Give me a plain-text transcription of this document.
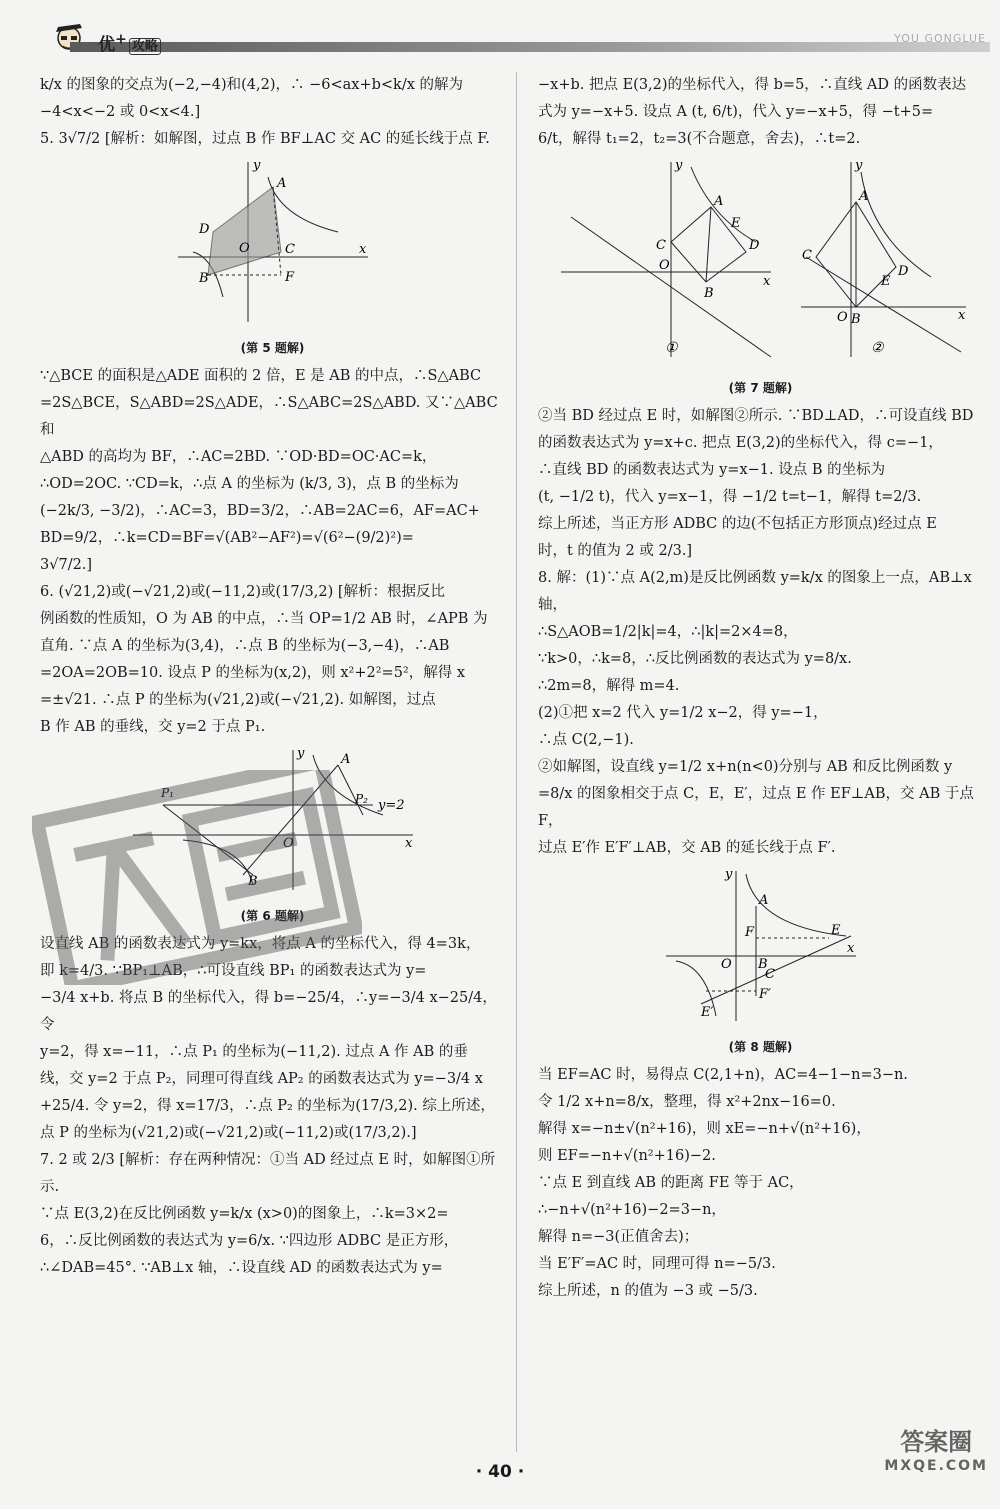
优+ 攻略
YOU GONGLUE

k/x 的图象的交点为(−2,−4)和(4,2)，∴ −6<ax+b<k/x 的解为

−4<x<−2 或 0<x<4.]

5. 3√7/2 [解析：如解图，过点 B 作 BF⊥AC 交 AC 的延长线于点 F.

A
B
C
D
F
O	x
y
(第 5 题解)

∵△BCE 的面积是△ADE 面积的 2 倍，E 是 AB 的中点，∴S△ABC

=2S△BCE，S△ABD=2S△ADE，∴S△ABC=2S△ABD. 又∵△ABC 和

△ABD 的高均为 BF，∴AC=2BD. ∵OD·BD=OC·AC=k，

∴OD=2OC. ∵CD=k，∴点 A 的坐标为 (k/3, 3)，点 B 的坐标为

(−2k/3, −3/2)，∴AC=3，BD=3/2，∴AB=2AC=6，AF=AC+

BD=9/2，∴k=CD=BF=√(AB²−AF²)=√(6²−(9/2)²)=

3√7/2.]

6. (√21,2)或(−√21,2)或(−11,2)或(17/3,2) [解析：根据反比

例函数的性质知，O 为 AB 的中点，∴当 OP=1/2 AB 时，∠APB 为

直角. ∵点 A 的坐标为(3,4)，∴点 B 的坐标为(−3,−4)，∴AB

=2OA=2OB=10. 设点 P 的坐标为(x,2)，则 x²+2²=5²，解得 x

=±√21. ∴点 P 的坐标为(√21,2)或(−√21,2). 如解图，过点

B 作 AB 的垂线，交 y=2 于点 P₁.

y=2
A
B
O
P₁	P₂
x
y
(第 6 题解)

设直线 AB 的函数表达式为 y=kx，将点 A 的坐标代入，得 4=3k，

即 k=4/3. ∵BP₁⊥AB，∴可设直线 BP₁ 的函数表达式为 y=

−3/4 x+b. 将点 B 的坐标代入，得 b=−25/4，∴y=−3/4 x−25/4，令

y=2，得 x=−11，∴点 P₁ 的坐标为(−11,2). 过点 A 作 AB 的垂

线，交 y=2 于点 P₂，同理可得直线 AP₂ 的函数表达式为 y=−3/4 x

+25/4. 令 y=2，得 x=17/3，∴点 P₂ 的坐标为(17/3,2). 综上所述，

点 P 的坐标为(√21,2)或(−√21,2)或(−11,2)或(17/3,2).]

7. 2 或 2/3 [解析：存在两种情况：①当 AD 经过点 E 时，如解图①所示.

∵点 E(3,2)在反比例函数 y=k/x (x>0)的图象上，∴k=3×2=

6，∴反比例函数的表达式为 y=6/x. ∵四边形 ADBC 是正方形，

∴∠DAB=45°. ∵AB⊥x 轴，∴设直线 AD 的函数表达式为 y=

−x+b. 把点 E(3,2)的坐标代入，得 b=5，∴直线 AD 的函数表达

式为 y=−x+5. 设点 A (t, 6/t)，代入 y=−x+5，得 −t+5=

6/t，解得 t₁=2，t₂=3(不合题意，舍去)，∴t=2.

A
B
C	D
E
O
x
y
①
A
B
C
D
E
O	x
y
②
(第 7 题解)

②当 BD 经过点 E 时，如解图②所示. ∵BD⊥AD，∴可设直线 BD

的函数表达式为 y=x+c. 把点 E(3,2)的坐标代入，得 c=−1，

∴直线 BD 的函数表达式为 y=x−1. 设点 B 的坐标为

(t, −1/2 t)，代入 y=x−1，得 −1/2 t=t−1，解得 t=2/3.

综上所述，当正方形 ADBC 的边(不包括正方形顶点)经过点 E

时，t 的值为 2 或 2/3.]

8. 解：(1)∵点 A(2,m)是反比例函数 y=k/x 的图象上一点，AB⊥x 轴，

∴S△AOB=1/2|k|=4，∴|k|=2×4=8，

∵k>0，∴k=8，∴反比例函数的表达式为 y=8/x.

∴2m=8，解得 m=4.

(2)①把 x=2 代入 y=1/2 x−2，得 y=−1，

∴点 C(2,−1).

②如解图，设直线 y=1/2 x+n(n<0)分别与 AB 和反比例函数 y

=8/x 的图象相交于点 C，E，E′，过点 E 作 EF⊥AB，交 AB 于点 F，

过点 E′作 E′F′⊥AB，交 AB 的延长线于点 F′.

A
B
C
E
F
F′
E′
O
x
y
(第 8 题解)

当 EF=AC 时，易得点 C(2,1+n)，AC=4−1−n=3−n.

令 1/2 x+n=8/x，整理，得 x²+2nx−16=0.

解得 x=−n±√(n²+16)，则 xE=−n+√(n²+16)，

则 EF=−n+√(n²+16)−2.

∵点 E 到直线 AB 的距离 FE 等于 AC，

∴−n+√(n²+16)−2=3−n，

解得 n=−3(正值舍去)；

当 E′F′=AC 时，同理可得 n=−5/3.

综上所述，n 的值为 −3 或 −5/3.

· 40 ·
答案圈
MXQE.COM
